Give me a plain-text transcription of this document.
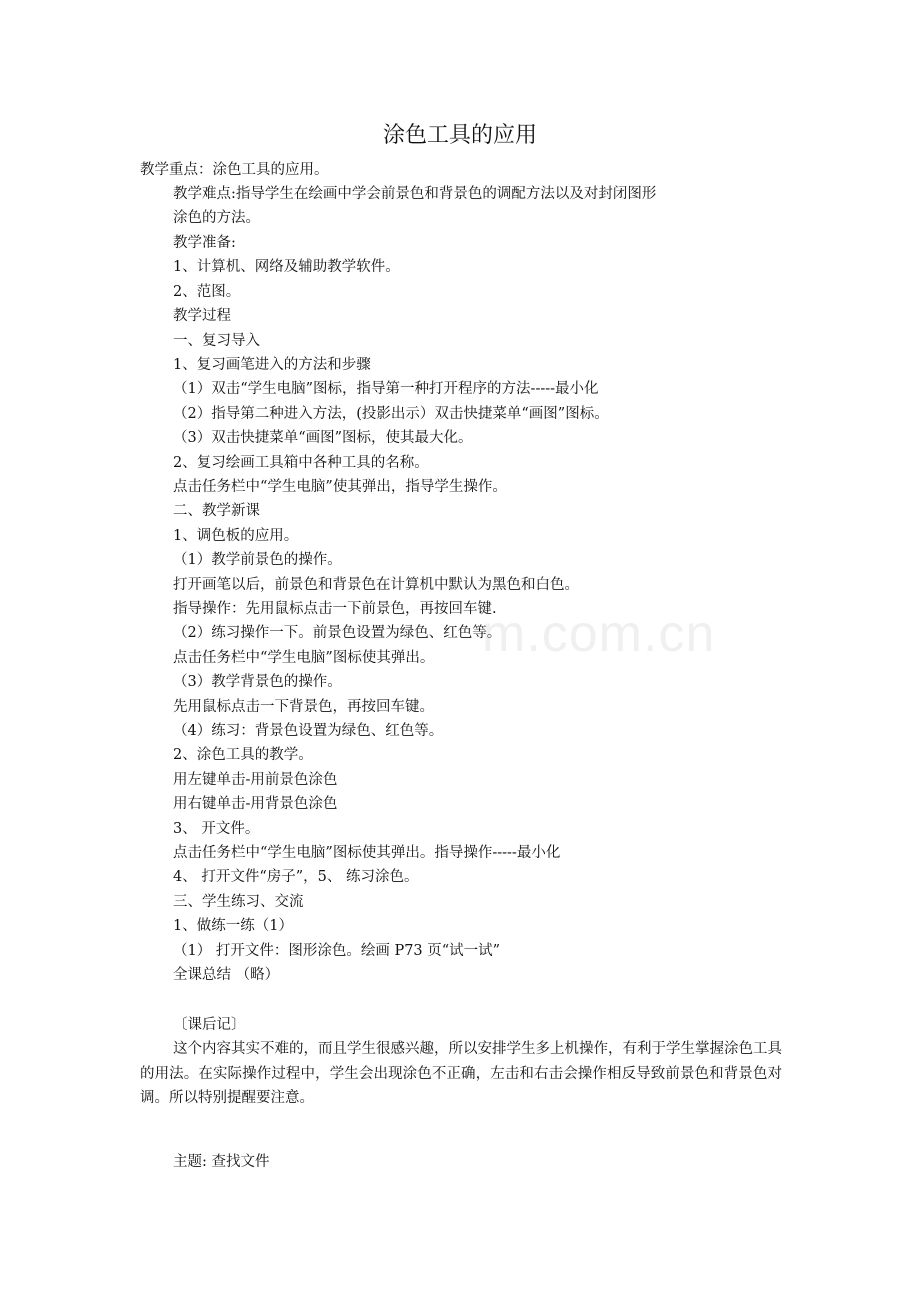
涂色工具的应用
教学重点：涂色工具的应用。
教学难点:指导学生在绘画中学会前景色和背景色的调配方法以及对封闭图形
涂色的方法。
教学准备:
1、计算机、网络及辅助教学软件。
2、范图。
教学过程
一、复习导入
1、复习画笔进入的方法和步骤
（1）双击“学生电脑”图标，指导第一种打开程序的方法-----最小化
（2）指导第二种进入方法，(投影出示）双击快捷菜单“画图”图标。
（3）双击快捷菜单“画图”图标，使其最大化。
2、复习绘画工具箱中各种工具的名称。
点击任务栏中“学生电脑”使其弹出，指导学生操作。
二、教学新课
1、调色板的应用。
（1）教学前景色的操作。
打开画笔以后，前景色和背景色在计算机中默认为黑色和白色。
指导操作：先用鼠标点击一下前景色，再按回车键.
（2）练习操作一下。前景色设置为绿色、红色等。
点击任务栏中“学生电脑”图标使其弹出。
（3）教学背景色的操作。
先用鼠标点击一下背景色，再按回车键。
（4）练习：背景色设置为绿色、红色等。
2、涂色工具的教学。
用左键单击-用前景色涂色
用右键单击-用背景色涂色
3、 开文件。
点击任务栏中“学生电脑”图标使其弹出。指导操作-----最小化
4、 打开文件“房子”，5、 练习涂色。
三、学生练习、交流
1、做练一练（1）
（1） 打开文件：图形涂色。绘画 P73 页“试一试”
全课总结 （略）
〔课后记〕

这个内容其实不难的，而且学生很感兴趣，所以安排学生多上机操作，有利于学生掌握涂色工具的用法。在实际操作过程中，学生会出现涂色不正确，左击和右击会操作相反导致前景色和背景色对调。所以特别提醒要注意。

主题: 查找文件
m.com.cn
